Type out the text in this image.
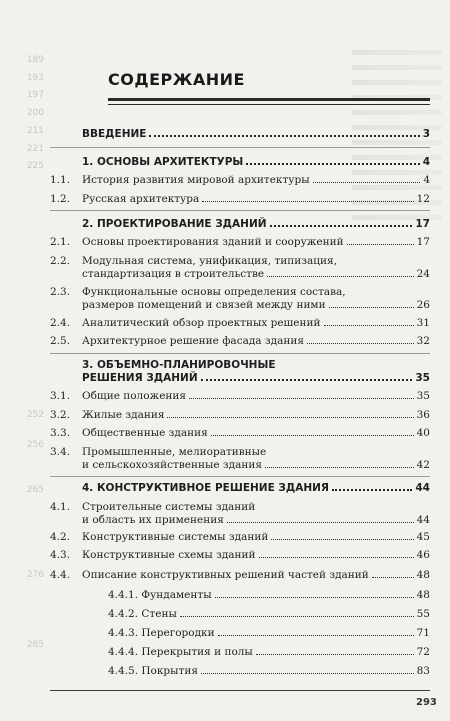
189
193
197
200
211
221
225
252
256
265
276
285
СОДЕРЖАНИЕ
ВВЕДЕНИЕ	3
1. ОСНОВЫ АРХИТЕКТУРЫ	4
1.1.	История развития мировой архитектуры	4
1.2.	Русская архитектура	12
2. ПРОЕКТИРОВАНИЕ ЗДАНИЙ	17
2.1.	Основы проектирования зданий и сооружений	17
2.2.	Модульная система, унификация, типизация,
стандартизация в строительстве	24
2.3.	Функциональные основы определения состава,
размеров помещений и связей между ними	26
2.4.	Аналитический обзор проектных решений	31
2.5.	Архитектурное решение фасада здания	32
3. ОБЪЕМНО-ПЛАНИРОВОЧНЫЕ
РЕШЕНИЯ ЗДАНИЙ	35
3.1.	Общие положения	35
3.2.	Жилые здания	36
3.3.	Общественные здания	40
3.4.	Промышленные, мелиоративные
и сельскохозяйственные здания	42
4. КОНСТРУКТИВНОЕ РЕШЕНИЕ ЗДАНИЯ	44
4.1.	Строительные системы зданий
и область их применения	44
4.2.	Конструктивные системы зданий	45
4.3.	Конструктивные схемы зданий	46
4.4.	Описание конструктивных решений частей зданий	48
4.4.1. Фундаменты	48
4.4.2. Стены	55
4.4.3. Перегородки	71
4.4.4. Перекрытия и полы	72
4.4.5. Покрытия	83
293
